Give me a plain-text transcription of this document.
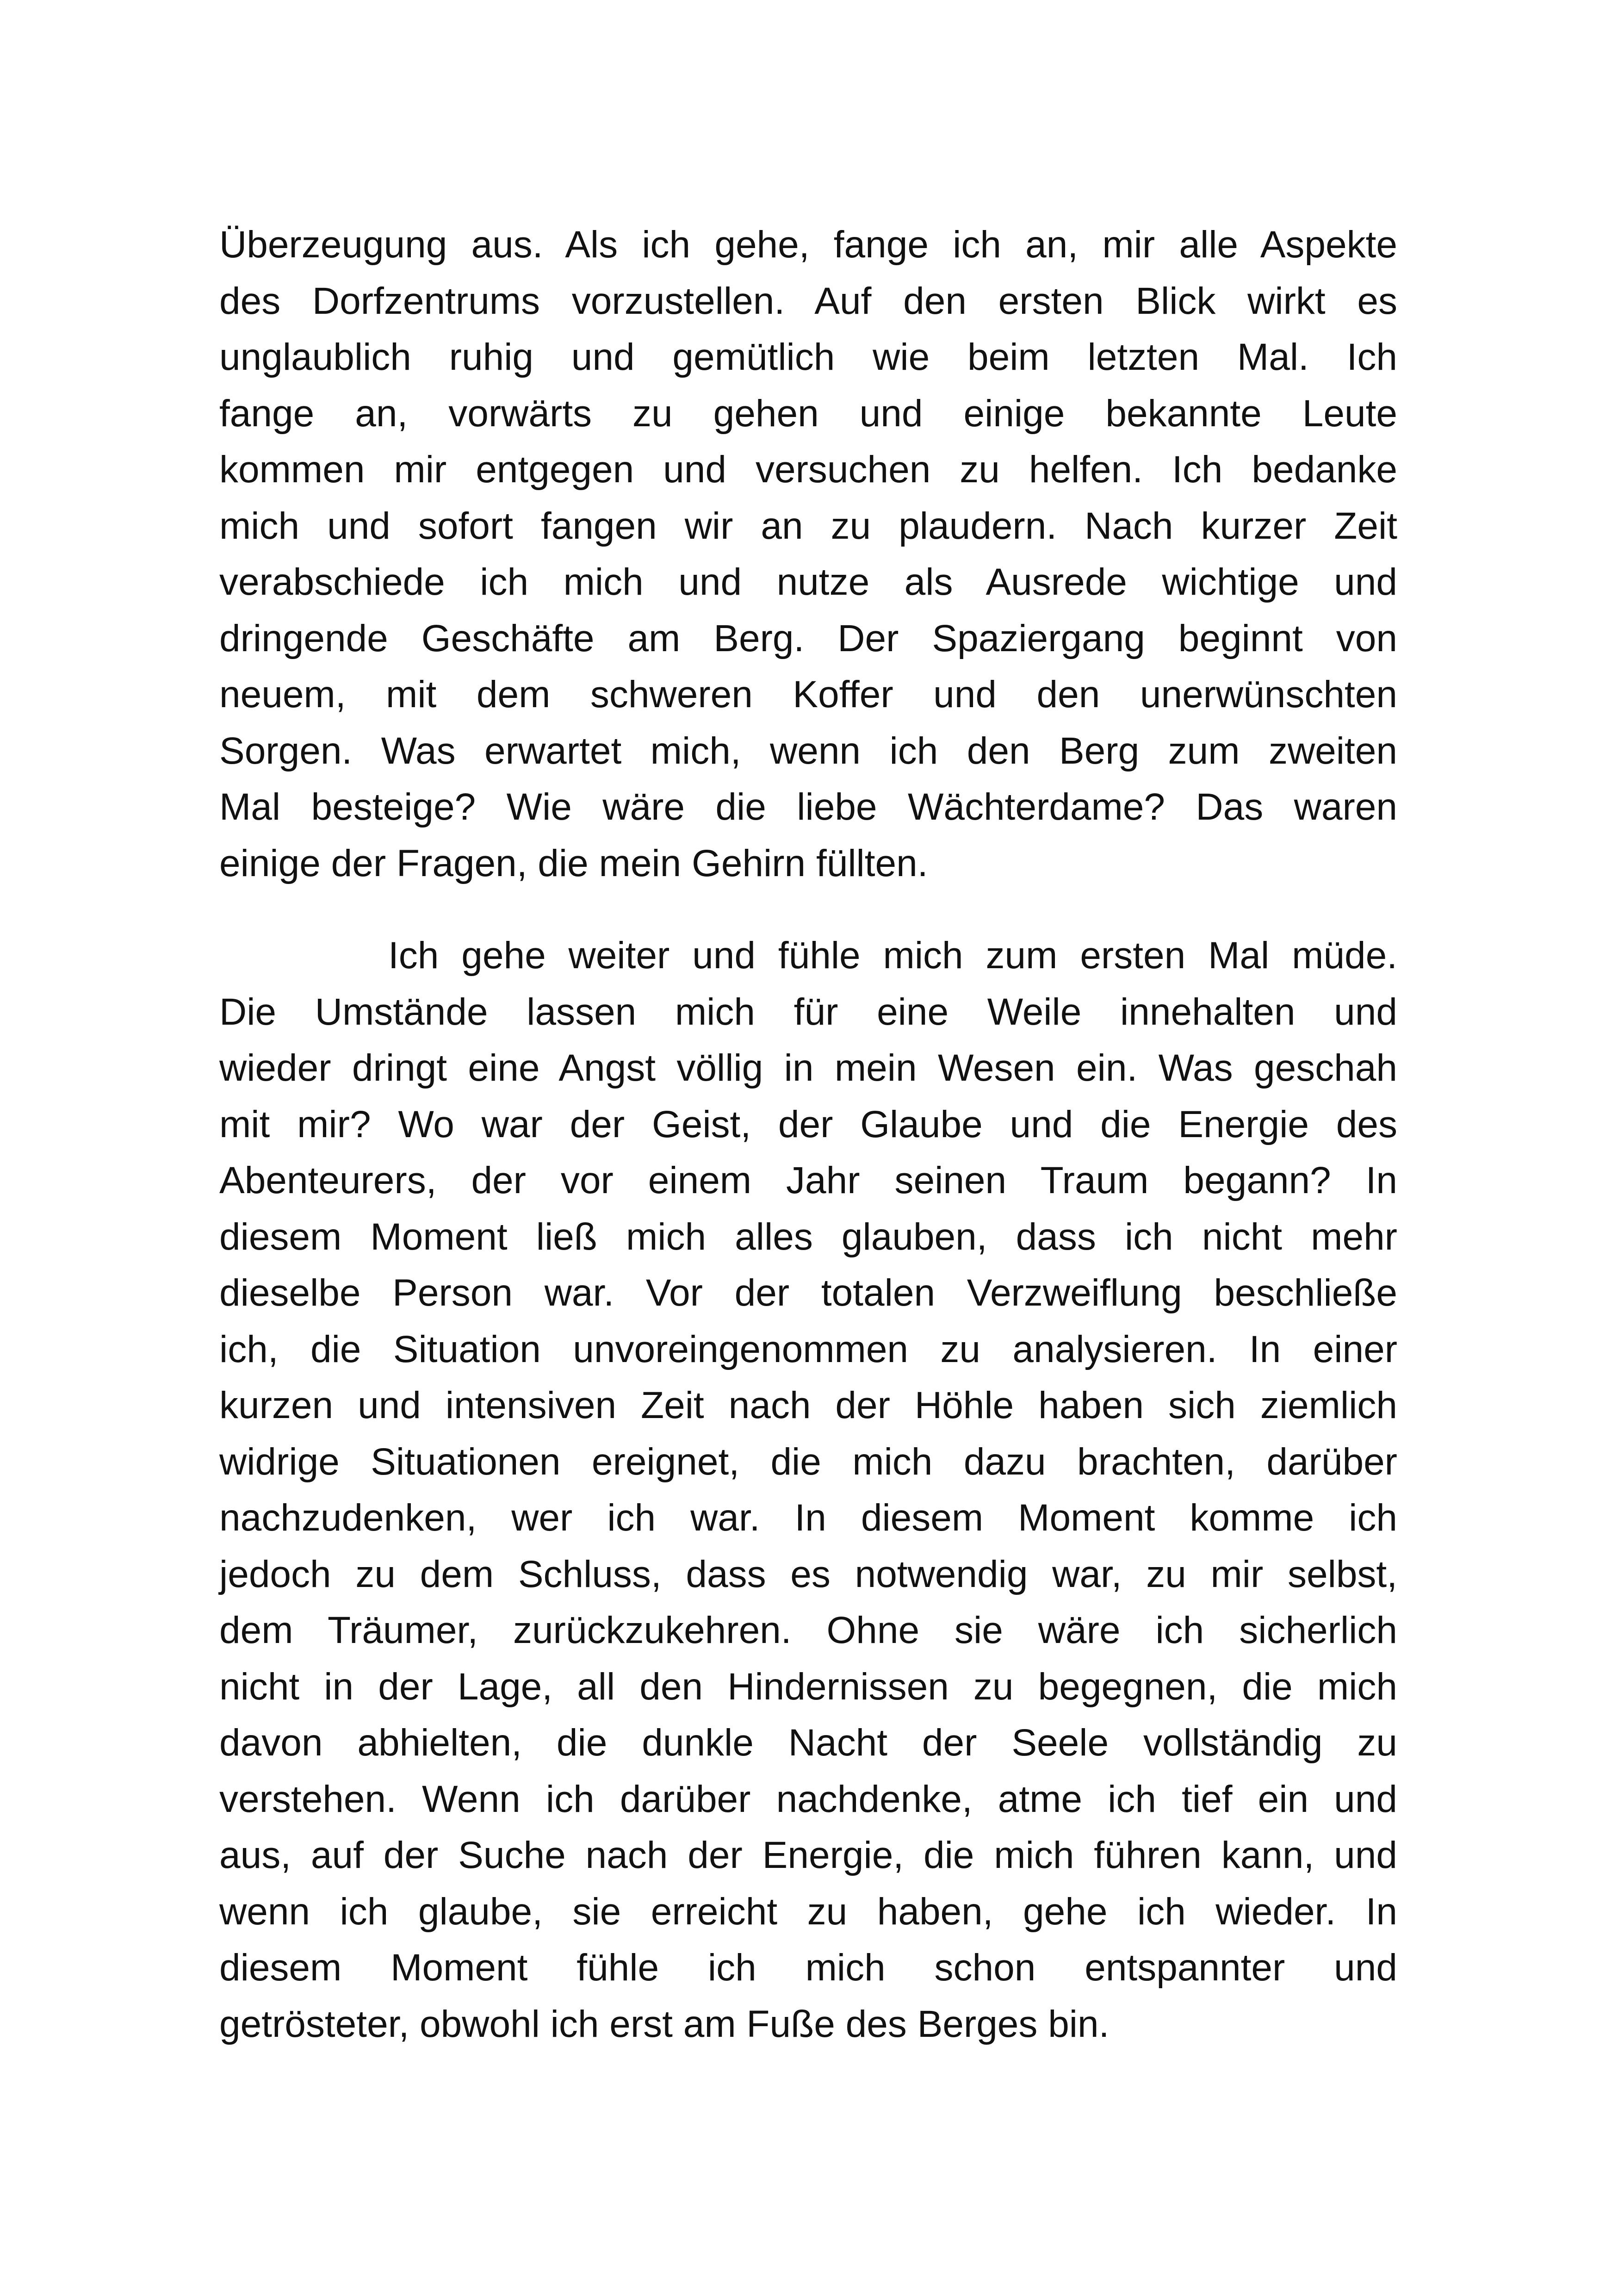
Überzeugung aus. Als ich gehe, fange ich an, mir alle Aspekte
des Dorfzentrums vorzustellen. Auf den ersten Blick wirkt es
unglaublich ruhig und gemütlich wie beim letzten Mal. Ich
fange an, vorwärts zu gehen und einige bekannte Leute
kommen mir entgegen und versuchen zu helfen. Ich bedanke
mich und sofort fangen wir an zu plaudern. Nach kurzer Zeit
verabschiede ich mich und nutze als Ausrede wichtige und
dringende Geschäfte am Berg. Der Spaziergang beginnt von
neuem, mit dem schweren Koffer und den unerwünschten
Sorgen. Was erwartet mich, wenn ich den Berg zum zweiten
Mal besteige? Wie wäre die liebe Wächterdame? Das waren
einige der Fragen, die mein Gehirn füllten.
Ich gehe weiter und fühle mich zum ersten Mal müde.
Die Umstände lassen mich für eine Weile innehalten und
wieder dringt eine Angst völlig in mein Wesen ein. Was geschah
mit mir? Wo war der Geist, der Glaube und die Energie des
Abenteurers, der vor einem Jahr seinen Traum begann? In
diesem Moment ließ mich alles glauben, dass ich nicht mehr
dieselbe Person war. Vor der totalen Verzweiflung beschließe
ich, die Situation unvoreingenommen zu analysieren. In einer
kurzen und intensiven Zeit nach der Höhle haben sich ziemlich
widrige Situationen ereignet, die mich dazu brachten, darüber
nachzudenken, wer ich war. In diesem Moment komme ich
jedoch zu dem Schluss, dass es notwendig war, zu mir selbst,
dem Träumer, zurückzukehren. Ohne sie wäre ich sicherlich
nicht in der Lage, all den Hindernissen zu begegnen, die mich
davon abhielten, die dunkle Nacht der Seele vollständig zu
verstehen. Wenn ich darüber nachdenke, atme ich tief ein und
aus, auf der Suche nach der Energie, die mich führen kann, und
wenn ich glaube, sie erreicht zu haben, gehe ich wieder. In
diesem Moment fühle ich mich schon entspannter und
getrösteter, obwohl ich erst am Fuße des Berges bin.
